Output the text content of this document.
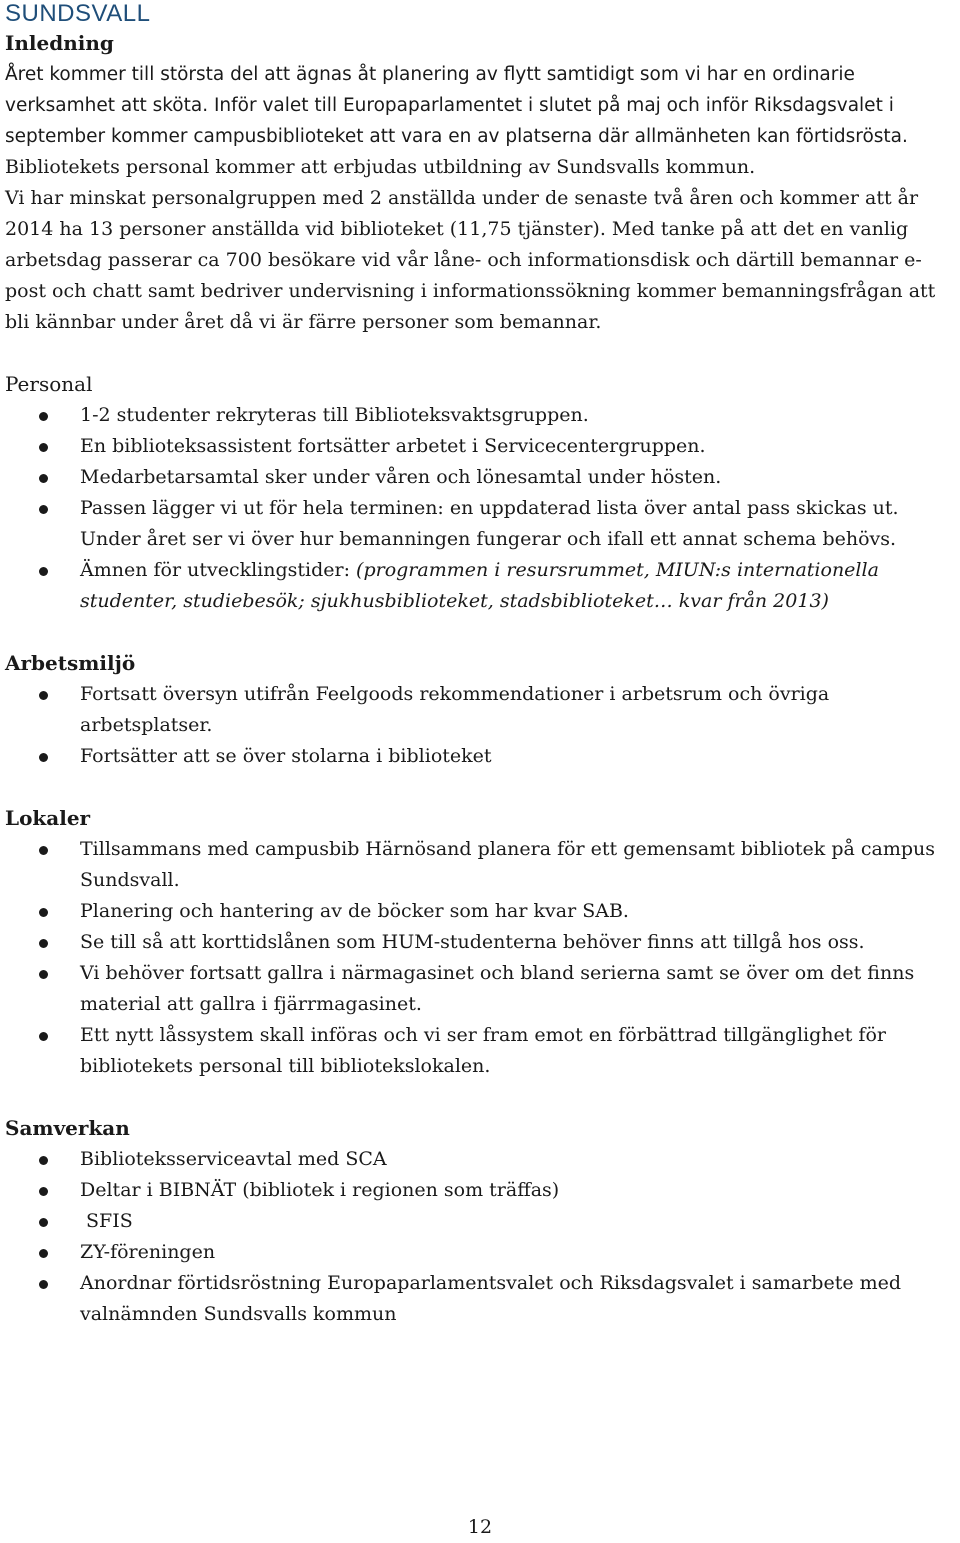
SUNDSVALL
Inledning

Året kommer till största del att ägnas åt planering av flytt samtidigt som vi har en ordinarie verksamhet att sköta. Inför valet till Europaparlamentet i slutet på maj och inför Riksdagsvalet i september kommer campusbiblioteket att vara en av platserna där allmänheten kan förtidsrösta. Bibliotekets personal kommer att erbjudas utbildning av Sundsvalls kommun.

Vi har minskat personalgruppen med 2 anställda under de senaste två åren och kommer att år 2014 ha 13 personer anställda vid biblioteket (11,75 tjänster). Med tanke på att det en vanlig arbetsdag passerar ca 700 besökare vid vår låne- och informationsdisk och därtill bemannar e-post och chatt samt bedriver undervisning i informationssökning kommer bemanningsfrågan att bli kännbar under året då vi är färre personer som bemannar.

Personal
1-2 studenter rekryteras till Biblioteksvaktsgruppen.
En biblioteksassistent fortsätter arbetet i Servicecentergruppen.
Medarbetarsamtal sker under våren och lönesamtal under hösten.
Passen lägger vi ut för hela terminen: en uppdaterad lista över antal pass skickas ut. Under året ser vi över hur bemanningen fungerar och ifall ett annat schema behövs.
Ämnen för utvecklingstider: (programmen i resursrummet, MIUN:s internationella studenter, studiebesök; sjukhusbiblioteket, stadsbiblioteket… kvar från 2013)
Arbetsmiljö
Fortsatt översyn utifrån Feelgoods rekommendationer i arbetsrum och övriga arbetsplatser.
Fortsätter att se över stolarna i biblioteket
Lokaler
Tillsammans med campusbib Härnösand planera för ett gemensamt bibliotek på campus Sundsvall.
Planering och hantering av de böcker som har kvar SAB.
Se till så att korttidslånen som HUM-studenterna behöver finns att tillgå hos oss.
Vi behöver fortsatt gallra i närmagasinet och bland serierna samt se över om det finns material att gallra i fjärrmagasinet.
Ett nytt låssystem skall införas och vi ser fram emot en förbättrad tillgänglighet för bibliotekets personal till bibliotekslokalen.
Samverkan
Biblioteksserviceavtal med SCA
Deltar i BIBNÄT (bibliotek i regionen som träffas)
SFIS
ZY-föreningen
Anordnar förtidsröstning Europaparlamentsvalet och Riksdagsvalet i samarbete med valnämnden Sundsvalls kommun
12
